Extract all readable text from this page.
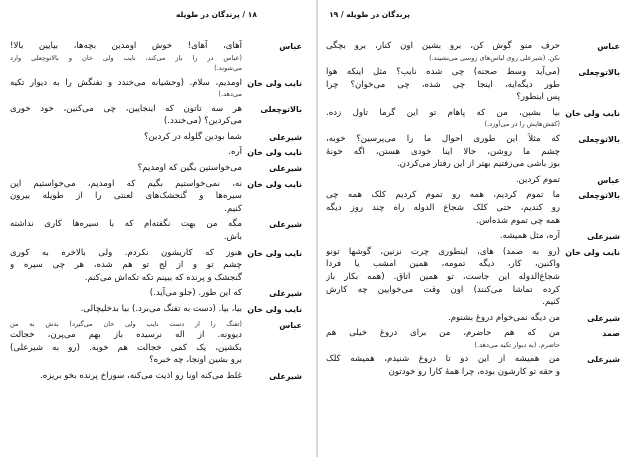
۱۸ / پرندگان در طویله
عباس
آهای، آهای! خوش اومدین بچه‌ها، بیایین بالا!
(عباس در را باز می‌کند، نایب ولی خان و بالاتوچعلی وارد
می‌شوند.)
نایب ولی خان
اومدیم، سلام. (وحشیانه می‌خندد و تفنگش را به دیوار تکیه
می‌دهد.)
بالاتوچعلی
هر سه تاتون که اینجایین، چی می‌کنین، خود خوری
می‌کردین؟ (می‌خندد.)
شیرعلی
شما بودین گلوله در کردین؟
نایب ولی خان
آره.
شیرعلی
می‌خواستین بگین که اومدیم؟
نایب ولی خان
نه، نمی‌خواستیم بگیم که اومدیم، می‌خواستیم این
سیره‌ها و گنجشک‌های لعنتی را از طویله بیرون
کنیم.
شیرعلی
مگه من بهت نگفته‌ام که با سیره‌ها کاری نداشته
باش.
نایب ولی خان
هنوز که کاریشون نکردم. ولی بالاخره به کوری
چشم تو و از لج تو هم شده، هر چی سیره و
گنجشک و پرنده که ببینم تکه تکه‌اش می‌کنم.
شیرعلی
که این طور. (جلو می‌آید.)
نایب ولی خان
بیا، بیا. (دست به تفنگ می‌برد.) بیا بدخلیچالی.
عباس
(تفنگ را از دست نایب ولی خان می‌گیرد) بدش به من
دیوونه. از اله نرسیده باز بهم می‌پرن، خجالت
بکشین، یک کمی خجالت هم خوبه. (رو به شیرعلی)
برو بشین اونجا، چه خبره؟
شیرعلی
غلط می‌کنه اونا رو اذیت می‌کنه، سوراخ پرنده بخو بریزه.
پرندگان در طویله / ۱۹
عباس
حرف منو گوش کن، برو بشین اون کنار، برو بچگی
نکن. (شیرعلی روی لباس‌های روسی می‌نشیند.)
بالاتوچعلی
(می‌آید وسط صحنه) چی شده نایب؟ مثل اینکه هوا
طور دیگه‌ایه، اینجا چی شده، چی می‌خوان؟ چرا
پس اینطور؟
نایب ولی خان
بیا بشین، من که پاهام تو این گرما تاول زده.
(کفش‌هایش را در می‌آورد.)
بالاتوچعلی
که مثلاً این طوری احوال ما را می‌پرسین؟ خوبه،
چشم ما روشن، حالا اینا خودی هستن، اگه خونهٔ
بوز باشی می‌رفتیم بهتر از این رفتار می‌کردن.
عباس
تموم کردین.
بالاتوچعلی
ما تموم کردیم، همه رو تموم کردیم کلک همه چی
رو کندیم، حتی کلک شجاع الدوله راه چند روز دیگه
همه چی تموم شده‌اس.
شیرعلی
آره، مثل همیشه.
نایب ولی خان
(رو به صمد) های، اینطوری چرت نزنین، گوشها تونو
واکنین، کار، دیگه تمومه، همین امشب یا فردا
شجاع‌الدوله این جاست، تو همین اتاق. (همه بکار باز
کرده تماشا می‌کنند) اون وقت می‌خوایین چه کارش
کنیم.
شیرعلی
من دیگه نمی‌خوام دروغ بشنوم.
صمد
من که هم حاضرم، من برای دروغ خیلی هم
حاضرم. (به دیوار تکیه می‌دهد.)
شیرعلی
من همیشه از این دو تا دروغ شنیدم، همیشه کلک
و حقه تو کارشون بوده، چرا همهٔ کارا رو خودتون
